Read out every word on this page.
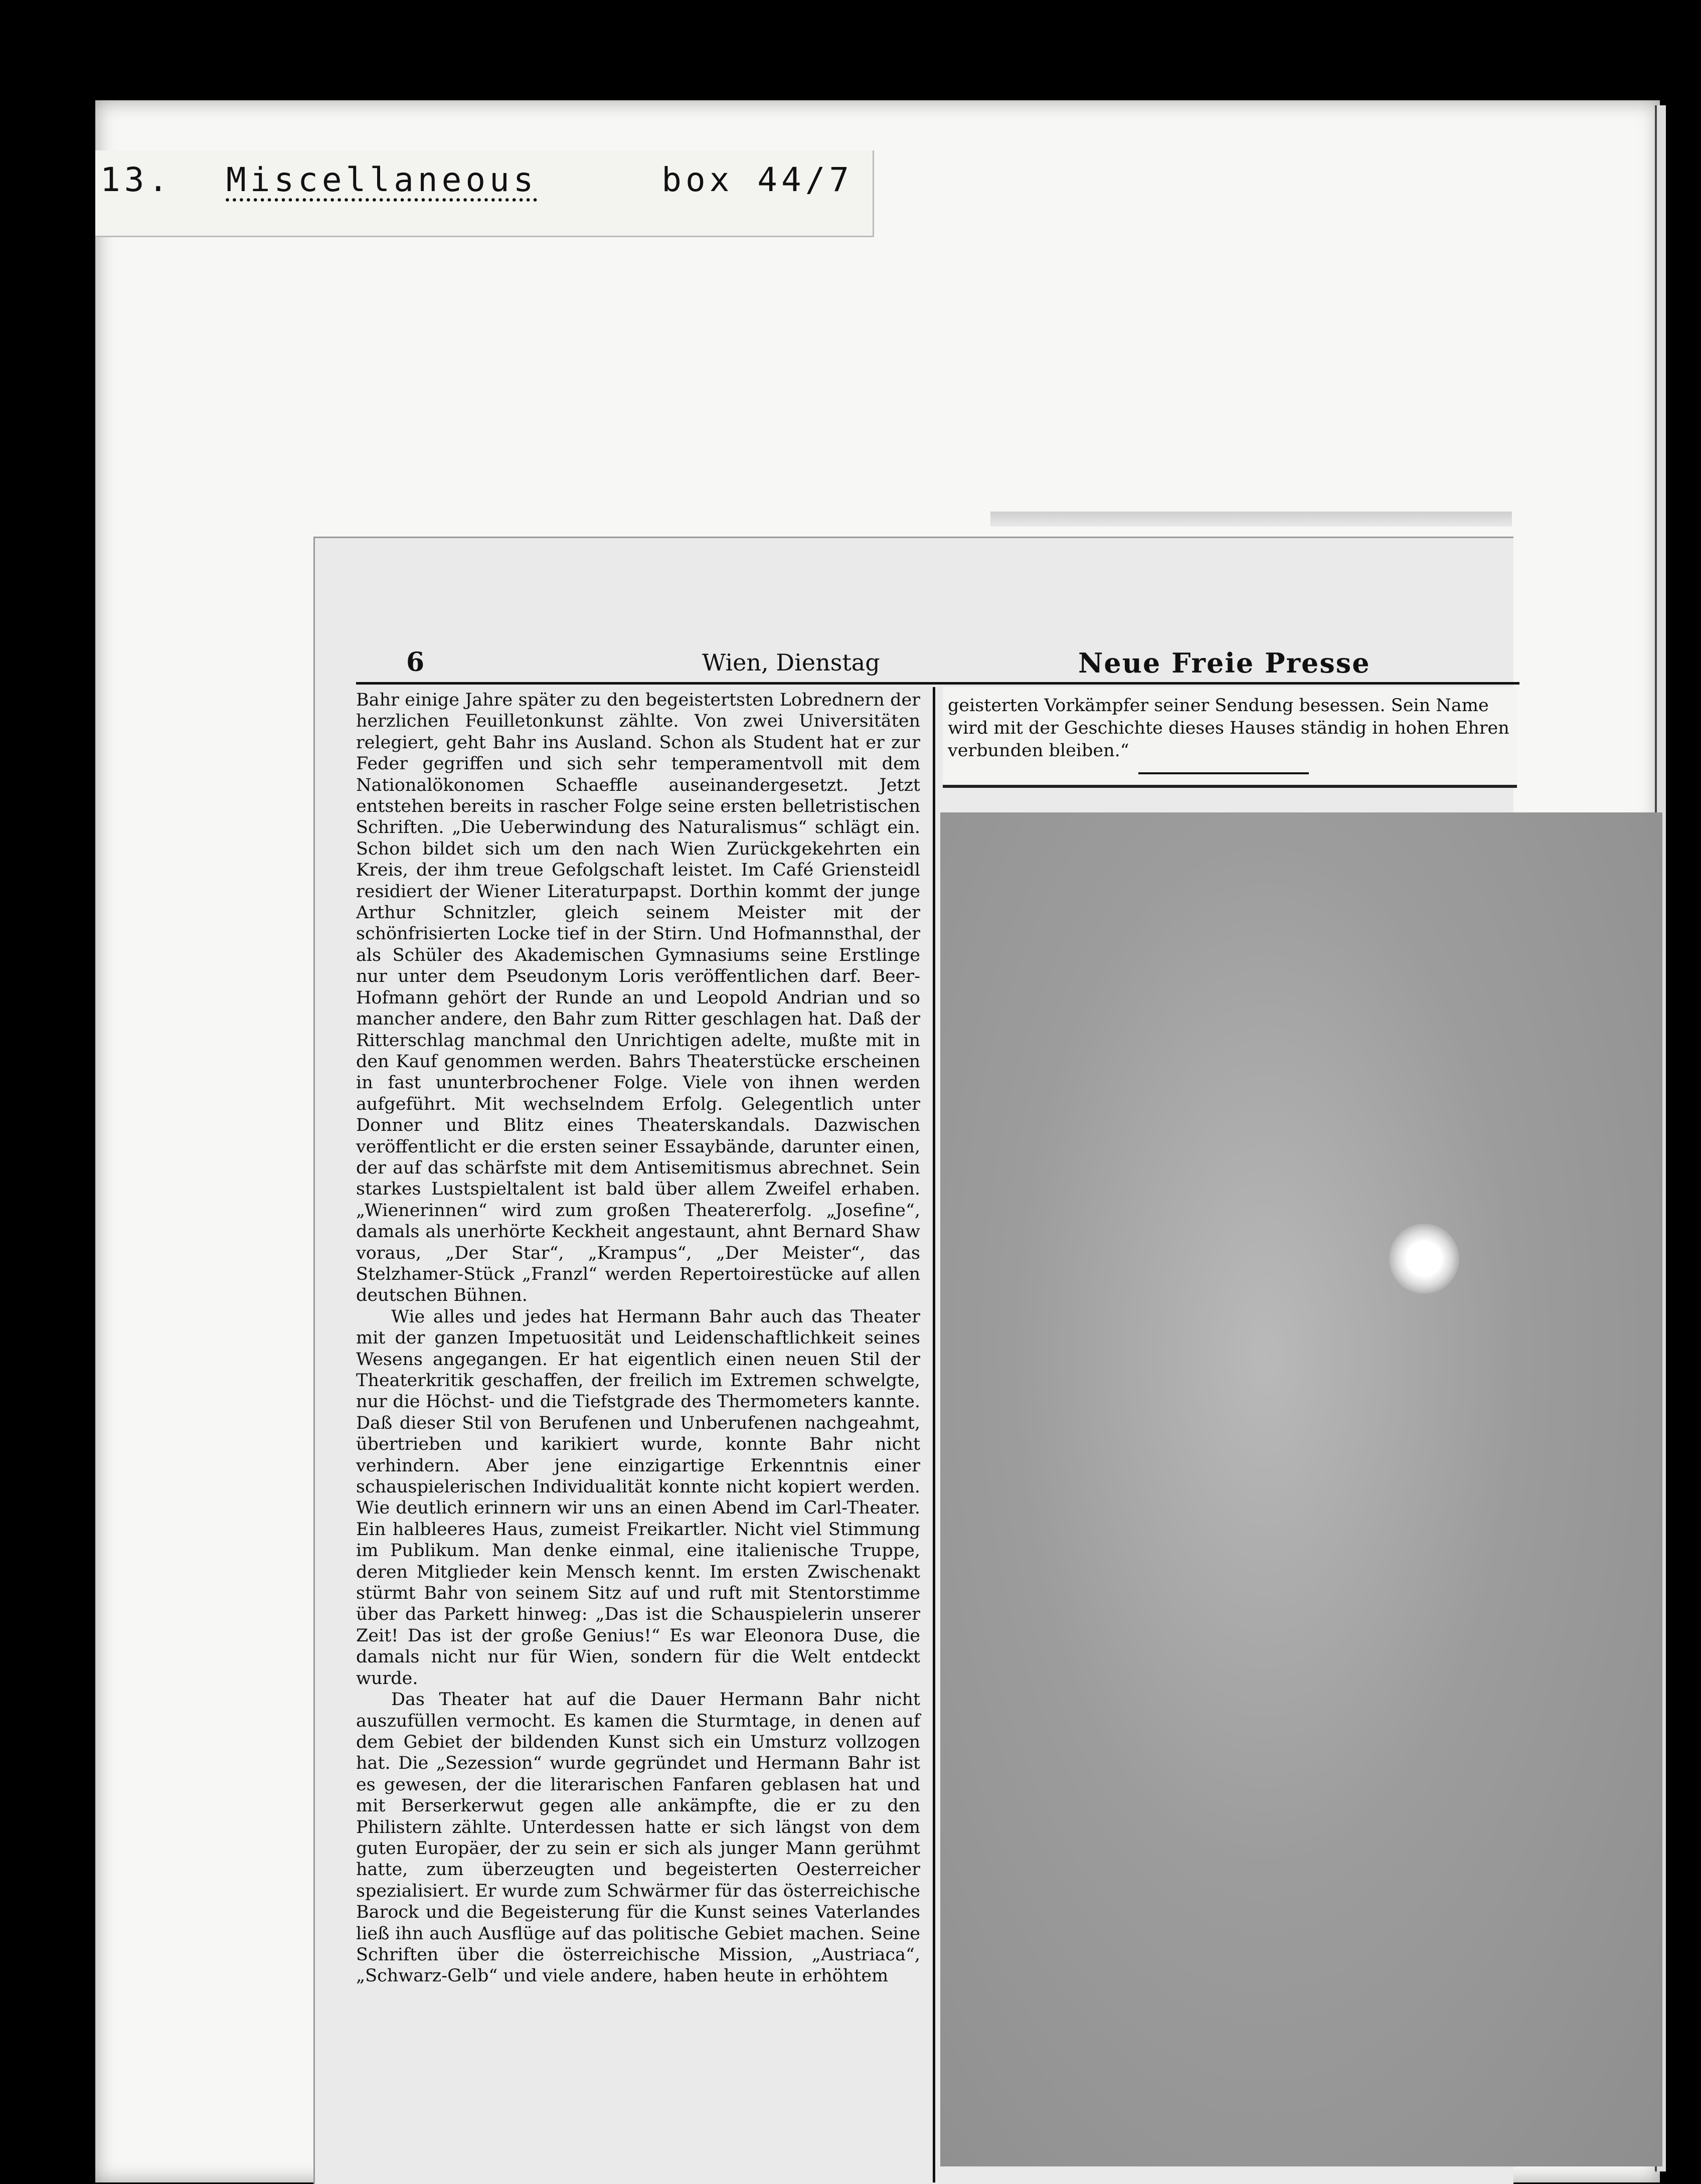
13. Miscellaneous	box 44/7
6	Wien, Dienstag	Neue Freie Presse

Bahr einige Jahre später zu den begeistertsten Lobrednern der herzlichen Feuilletonkunst zählte. Von zwei Universitäten relegiert, geht Bahr ins Ausland. Schon als Student hat er zur Feder gegriffen und sich sehr temperamentvoll mit dem Nationalökonomen Schaeffle auseinandergesetzt. Jetzt entstehen bereits in rascher Folge seine ersten belletristischen Schriften. „Die Ueberwindung des Naturalismus“ schlägt ein. Schon bildet sich um den nach Wien Zurückgekehrten ein Kreis, der ihm treue Gefolgschaft leistet. Im Café Griensteidl residiert der Wiener Literaturpapst. Dorthin kommt der junge Arthur Schnitzler, gleich seinem Meister mit der schönfrisierten Locke tief in der Stirn. Und Hofmannsthal, der als Schüler des Akademischen Gymnasiums seine Erstlinge nur unter dem Pseudonym Loris veröffentlichen darf. Beer-Hofmann gehört der Runde an und Leopold Andrian und so mancher andere, den Bahr zum Ritter geschlagen hat. Daß der Ritterschlag manchmal den Unrichtigen adelte, mußte mit in den Kauf genommen werden. Bahrs Theaterstücke erscheinen in fast ununterbrochener Folge. Viele von ihnen werden aufgeführt. Mit wechselndem Erfolg. Gelegentlich unter Donner und Blitz eines Theaterskandals. Dazwischen veröffentlicht er die ersten seiner Essaybände, darunter einen, der auf das schärfste mit dem Antisemitismus abrechnet. Sein starkes Lustspieltalent ist bald über allem Zweifel erhaben. „Wienerinnen“ wird zum großen Theatererfolg. „Josefine“, damals als unerhörte Keckheit angestaunt, ahnt Bernard Shaw voraus, „Der Star“, „Krampus“, „Der Meister“, das Stelzhamer-Stück „Franzl“ werden Repertoirestücke auf allen deutschen Bühnen.

Wie alles und jedes hat Hermann Bahr auch das Theater mit der ganzen Impetuosität und Leidenschaftlichkeit seines Wesens angegangen. Er hat eigentlich einen neuen Stil der Theaterkritik geschaffen, der freilich im Extremen schwelgte, nur die Höchst- und die Tiefstgrade des Thermometers kannte. Daß dieser Stil von Berufenen und Unberufenen nachgeahmt, übertrieben und karikiert wurde, konnte Bahr nicht verhindern. Aber jene einzigartige Erkenntnis einer schauspielerischen Individualität konnte nicht kopiert werden. Wie deutlich erinnern wir uns an einen Abend im Carl-Theater. Ein halbleeres Haus, zumeist Freikartler. Nicht viel Stimmung im Publikum. Man denke einmal, eine italienische Truppe, deren Mitglieder kein Mensch kennt. Im ersten Zwischenakt stürmt Bahr von seinem Sitz auf und ruft mit Stentorstimme über das Parkett hinweg: „Das ist die Schauspielerin unserer Zeit! Das ist der große Genius!“ Es war Eleonora Duse, die damals nicht nur für Wien, sondern für die Welt entdeckt wurde.

Das Theater hat auf die Dauer Hermann Bahr nicht auszufüllen vermocht. Es kamen die Sturmtage, in denen auf dem Gebiet der bildenden Kunst sich ein Umsturz vollzogen hat. Die „Sezession“ wurde gegründet und Hermann Bahr ist es gewesen, der die literarischen Fanfaren geblasen hat und mit Berserkerwut gegen alle ankämpfte, die er zu den Philistern zählte. Unterdessen hatte er sich längst von dem guten Europäer, der zu sein er sich als junger Mann gerühmt hatte, zum überzeugten und begeisterten Oesterreicher spezialisiert. Er wurde zum Schwärmer für das österreichische Barock und die Begeisterung für die Kunst seines Vaterlandes ließ ihn auch Ausflüge auf das politische Gebiet machen. Seine Schriften über die österreichische Mission, „Austriaca“, „Schwarz-Gelb“ und viele andere, haben heute in erhöhtem

geisterten Vorkämpfer seiner Sendung besessen. Sein Name wird mit der Geschichte dieses Hauses ständig in hohen Ehren verbunden bleiben.“
